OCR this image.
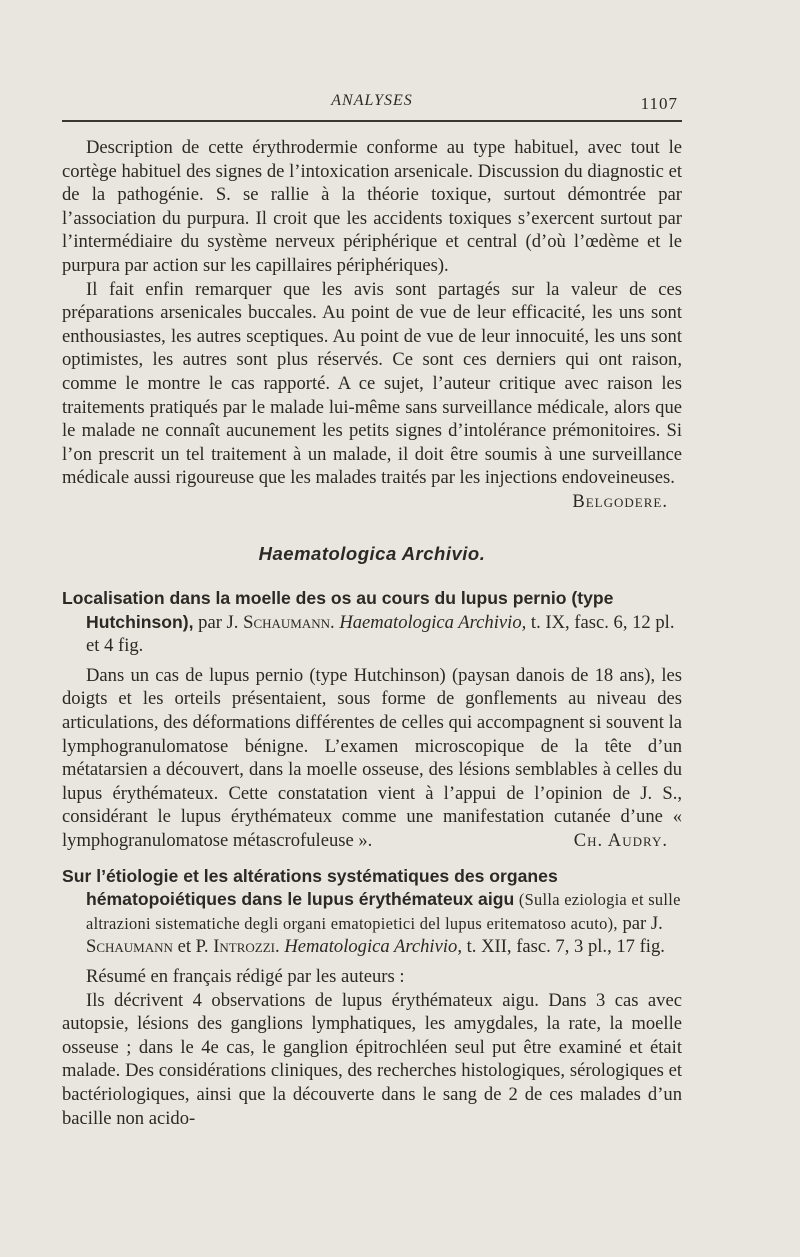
ANALYSES	1107

Description de cette érythrodermie conforme au type habituel, avec tout le cortège habituel des signes de l’intoxication arsenicale. Discussion du diagnostic et de la pathogénie. S. se rallie à la théorie toxique, surtout démontrée par l’association du purpura. Il croit que les accidents toxiques s’exercent surtout par l’intermédiaire du système nerveux périphérique et central (d’où l’œdème et le purpura par action sur les capillaires périphériques).

Il fait enfin remarquer que les avis sont partagés sur la valeur de ces préparations arsenicales buccales. Au point de vue de leur efficacité, les uns sont enthousiastes, les autres sceptiques. Au point de vue de leur innocuité, les uns sont optimistes, les autres sont plus réservés. Ce sont ces derniers qui ont raison, comme le montre le cas rapporté. A ce sujet, l’auteur critique avec raison les traitements pratiqués par le malade lui-même sans surveillance médicale, alors que le malade ne connaît aucunement les petits signes d’intolérance prémonitoires. Si l’on prescrit un tel traitement à un malade, il doit être soumis à une surveillance médicale aussi rigoureuse que les malades traités par les injections endoveineuses.
Belgodere.

Haematologica Archivio.

Localisation dans la moelle des os au cours du lupus pernio (type Hutchinson), par J. Schaumann. Haematologica Archivio, t. IX, fasc. 6, 12 pl. et 4 fig.

Dans un cas de lupus pernio (type Hutchinson) (paysan danois de 18 ans), les doigts et les orteils présentaient, sous forme de gonflements au niveau des articulations, des déformations différentes de celles qui accompagnent si souvent la lymphogranulomatose bénigne. L’examen microscopique de la tête d’un métatarsien a découvert, dans la moelle osseuse, des lésions semblables à celles du lupus érythémateux. Cette constatation vient à l’appui de l’opinion de J. S., considérant le lupus érythémateux comme une manifestation cutanée d’une « lymphogranulomatose métascrofuleuse ».	Ch. Audry.

Sur l’étiologie et les altérations systématiques des organes hématopoiétiques dans le lupus érythémateux aigu (Sulla eziologia et sulle altrazioni sistematiche degli organi ematopietici del lupus eritematoso acuto), par J. Schaumann et P. Introzzi. Hematologica Archivio, t. XII, fasc. 7, 3 pl., 17 fig.

Résumé en français rédigé par les auteurs :

Ils décrivent 4 observations de lupus érythémateux aigu. Dans 3 cas avec autopsie, lésions des ganglions lymphatiques, les amygdales, la rate, la moelle osseuse ; dans le 4e cas, le ganglion épitrochléen seul put être examiné et était malade. Des considérations cliniques, des recherches histologiques, sérologiques et bactériologiques, ainsi que la découverte dans le sang de 2 de ces malades d’un bacille non acido-
